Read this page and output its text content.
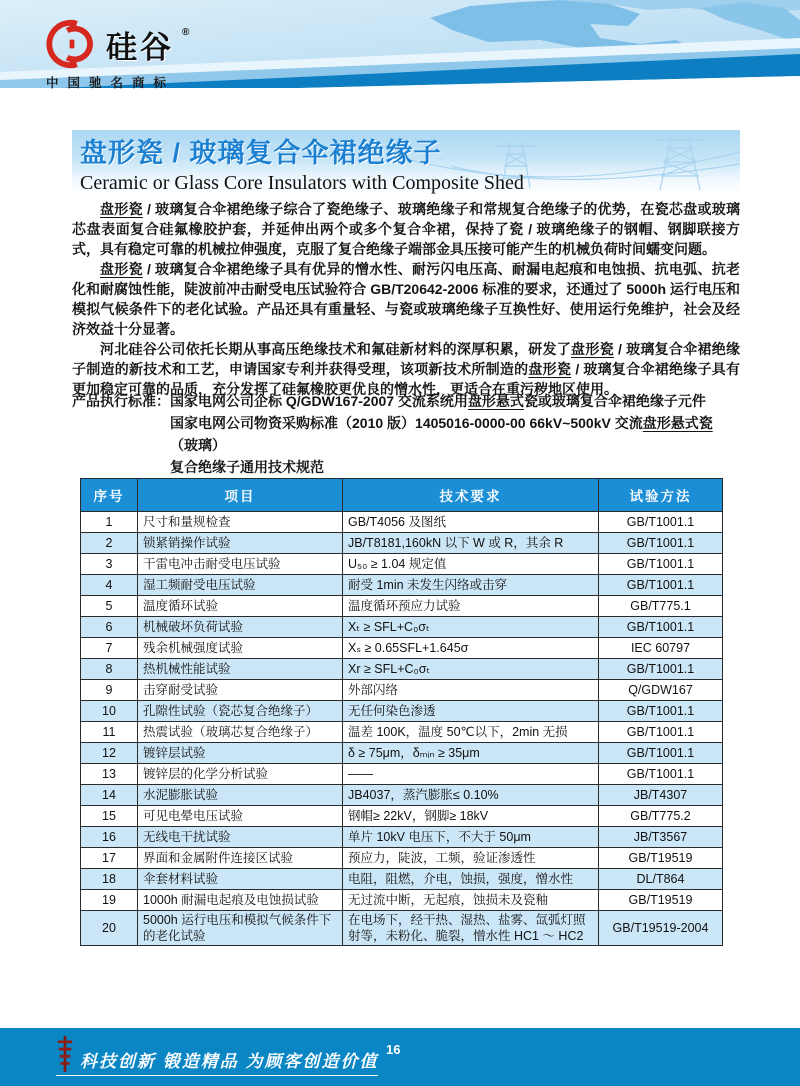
硅谷 ®
中国驰名商标
盘形瓷 / 玻璃复合伞裙绝缘子
Ceramic or Glass Core Insulators with Composite Shed

盘形瓷 / 玻璃复合伞裙绝缘子综合了瓷绝缘子、玻璃绝缘子和常规复合绝缘子的优势，在瓷芯盘或玻璃芯盘表面复合硅氟橡胶护套，并延伸出两个或多个复合伞裙，保持了瓷 / 玻璃绝缘子的钢帽、钢脚联接方式，具有稳定可靠的机械拉伸强度，克服了复合绝缘子端部金具压接可能产生的机械负荷时间蠕变问题。

盘形瓷 / 玻璃复合伞裙绝缘子具有优异的憎水性、耐污闪电压高、耐漏电起痕和电蚀损、抗电弧、抗老化和耐腐蚀性能，陡波前冲击耐受电压试验符合 GB/T20642-2006 标准的要求，还通过了 5000h 运行电压和模拟气候条件下的老化试验。产品还具有重量轻、与瓷或玻璃绝缘子互换性好、使用运行免维护，社会及经济效益十分显著。

河北硅谷公司依托长期从事高压绝缘技术和氟硅新材料的深厚积累，研发了盘形瓷 / 玻璃复合伞裙绝缘子制造的新技术和工艺，申请国家专利并获得受理，该项新技术所制造的盘形瓷 / 玻璃复合伞裙绝缘子具有更加稳定可靠的品质，充分发挥了硅氟橡胶更优良的憎水性，更适合在重污秽地区使用。

产品执行标准： 国家电网公司企标 Q/GDW167-2007 交流系统用盘形悬式瓷或玻璃复合伞裙绝缘子元件
国家电网公司物资采购标准（2010 版）1405016-0000-00 66kV~500kV 交流盘形悬式瓷（玻璃）
复合绝缘子通用技术规范
序号	项目	技术要求	试验方法
1	尺寸和量规检查	GB/T4056 及图纸	GB/T1001.1
2	锁紧销操作试验	JB/T8181,160kN 以下 W 或 R，其余 R	GB/T1001.1
3	干雷电冲击耐受电压试验	U₅₀ ≥ 1.04 规定值	GB/T1001.1
4	湿工频耐受电压试验	耐受 1min 未发生闪络或击穿	GB/T1001.1
5	温度循环试验	温度循环预应力试验	GB/T775.1
6	机械破坏负荷试验	Xₜ ≥ SFL+C₀σₜ	GB/T1001.1
7	残余机械强度试验	Xₛ ≥ 0.65SFL+1.645σ	IEC 60797
8	热机械性能试验	Xr ≥ SFL+C₀σₜ	GB/T1001.1
9	击穿耐受试验	外部闪络	Q/GDW167
10	孔隙性试验（瓷芯复合绝缘子）	无任何染色渗透	GB/T1001.1
11	热震试验（玻璃芯复合绝缘子）	温差 100K，温度 50℃以下，2min 无损	GB/T1001.1
12	镀锌层试验	δ ≥ 75μm，δₘᵢₙ ≥ 35μm	GB/T1001.1
13	镀锌层的化学分析试验	——	GB/T1001.1
14	水泥膨胀试验	JB4037，蒸汽膨胀≤ 0.10%	JB/T4307
15	可见电晕电压试验	钢帽≥ 22kV，钢脚≥ 18kV	GB/T775.2
16	无线电干扰试验	单片 10kV 电压下，不大于 50μm	JB/T3567
17	界面和金属附件连接区试验	预应力，陡波，工频，验证渗透性	GB/T19519
18	伞套材料试验	电阻，阻燃，介电，蚀损，强度，憎水性	DL/T864
19	1000h 耐漏电起痕及电蚀损试验	无过流中断，无起痕，蚀损未及瓷釉	GB/T19519
20	5000h 运行电压和模拟气候条件下的老化试验	在电场下，经干热、湿热、盐雾、氙弧灯照射等，未粉化、脆裂，憎水性 HC1 ～ HC2	GB/T19519-2004
科技创新 锻造精品 为顾客创造价值
16
